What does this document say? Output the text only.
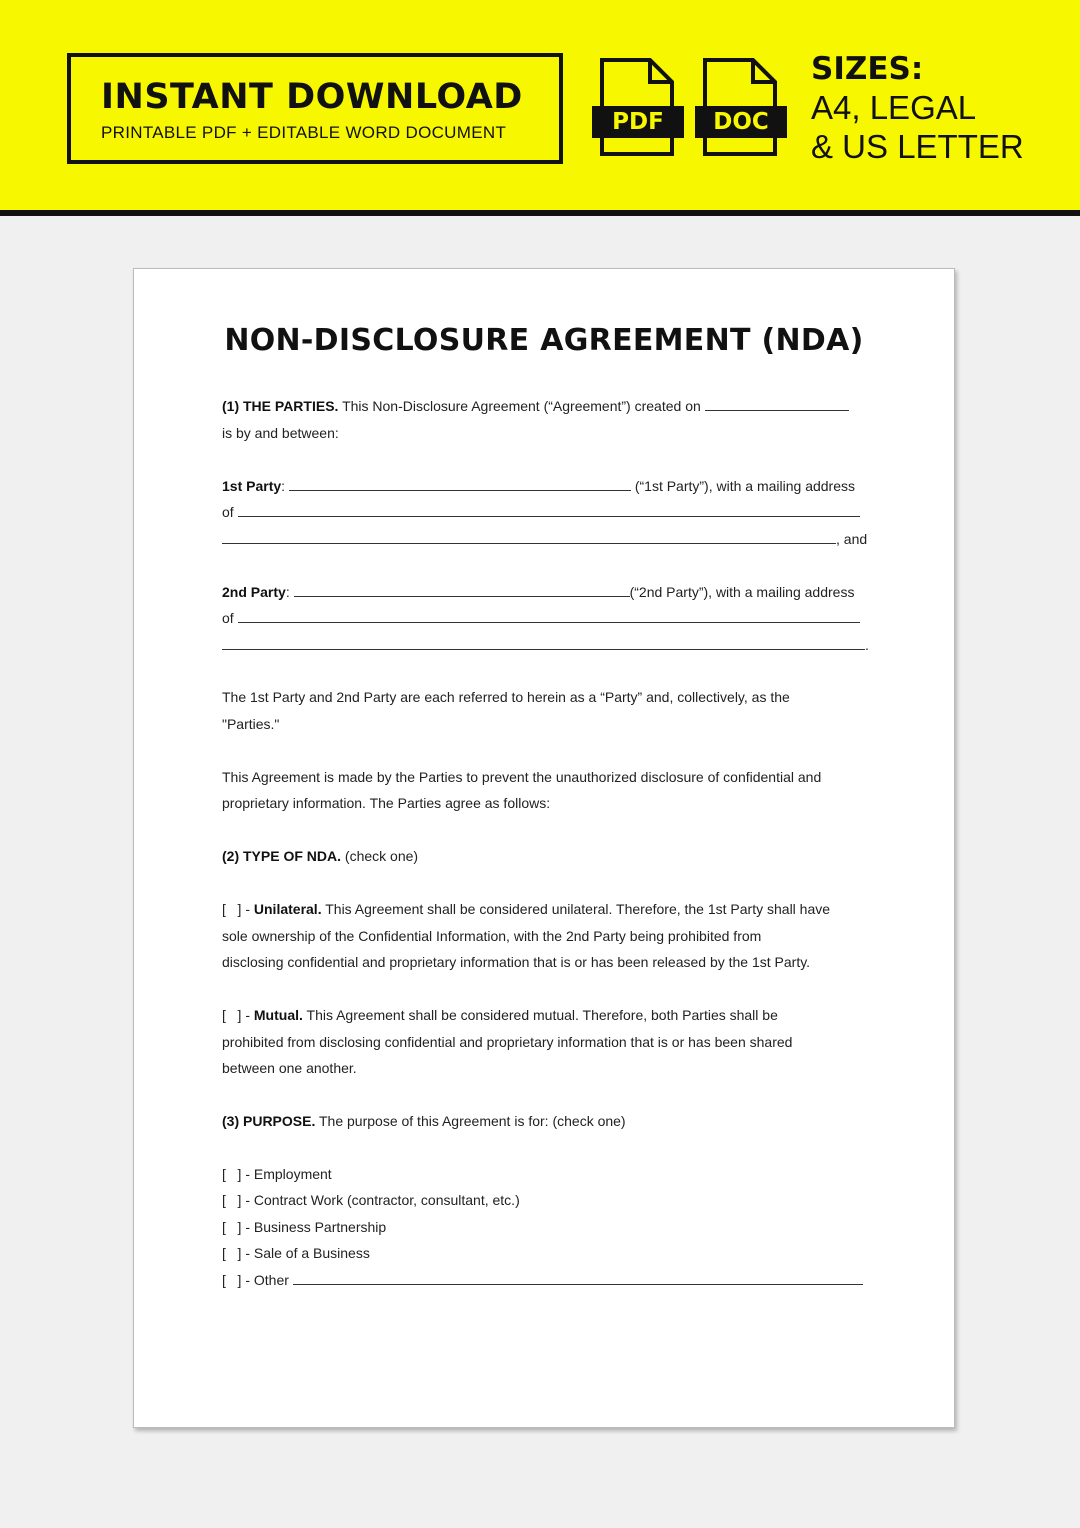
INSTANT DOWNLOAD
PRINTABLE PDF + EDITABLE WORD DOCUMENT	PDF	DOC
SIZES:
A4, LEGAL
& US LETTER
NON-DISCLOSURE AGREEMENT (NDA)
(1) THE PARTIES. This Non-Disclosure Agreement (“Agreement”) created on
is by and between:
1st Party:	(“1st Party”), with a mailing address
of
, and
2nd Party:	(“2nd Party”), with a mailing address
of
.
The 1st Party and 2nd Party are each referred to herein as a “Party” and, collectively, as the
"Parties."
This Agreement is made by the Parties to prevent the unauthorized disclosure of confidential and
proprietary information. The Parties agree as follows:
(2) TYPE OF NDA. (check one)
[   ] - Unilateral. This Agreement shall be considered unilateral. Therefore, the 1st Party shall have
sole ownership of the Confidential Information, with the 2nd Party being prohibited from
disclosing confidential and proprietary information that is or has been released by the 1st Party.
[   ] - Mutual. This Agreement shall be considered mutual. Therefore, both Parties shall be
prohibited from disclosing confidential and proprietary information that is or has been shared
between one another.
(3) PURPOSE. The purpose of this Agreement is for: (check one)
[   ] - Employment
[   ] - Contract Work (contractor, consultant, etc.)
[   ] - Business Partnership
[   ] - Sale of a Business
[   ] - Other
